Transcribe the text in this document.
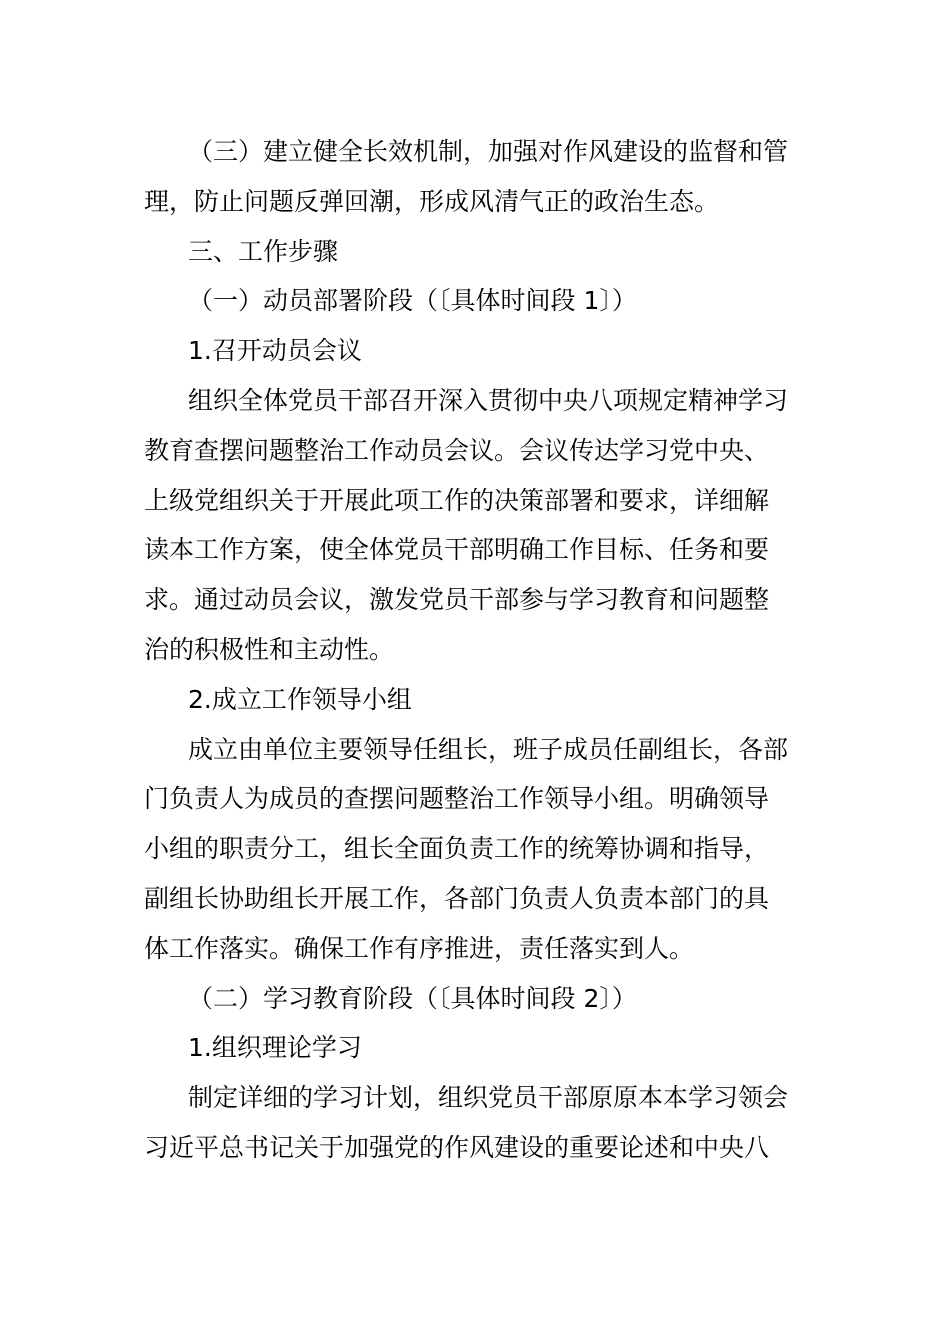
（三）建立健全长效机制，加强对作风建设的监督和管
理，防止问题反弹回潮，形成风清气正的政治生态。
三、工作步骤
（一）动员部署阶段（〔具体时间段 1〕）
1.召开动员会议
组织全体党员干部召开深入贯彻中央八项规定精神学习
教育查摆问题整治工作动员会议。会议传达学习党中央、
上级党组织关于开展此项工作的决策部署和要求，详细解
读本工作方案，使全体党员干部明确工作目标、任务和要
求。通过动员会议，激发党员干部参与学习教育和问题整
治的积极性和主动性。
2.成立工作领导小组
成立由单位主要领导任组长，班子成员任副组长，各部
门负责人为成员的查摆问题整治工作领导小组。明确领导
小组的职责分工，组长全面负责工作的统筹协调和指导，
副组长协助组长开展工作，各部门负责人负责本部门的具
体工作落实。确保工作有序推进，责任落实到人。
（二）学习教育阶段（〔具体时间段 2〕）
1.组织理论学习
制定详细的学习计划，组织党员干部原原本本学习领会
习近平总书记关于加强党的作风建设的重要论述和中央八
